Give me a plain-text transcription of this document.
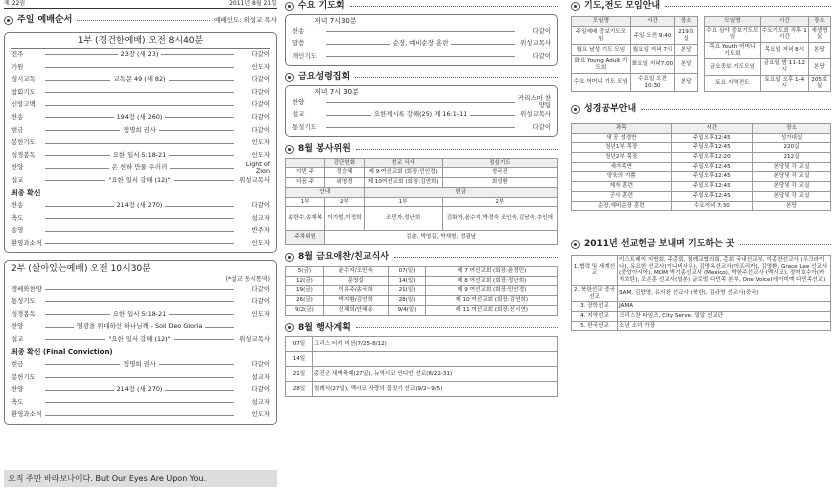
제 22권	2011년 8월 21일
주일 예배순서	예배인도: 위성교 목사
1부 (경건한예배) 오전 8시40분
전주	23장 (새 23)	다같이
기원	인도자
성시교독	교독문 49 (새 82)	다같이
참회기도	다같이
신앙고백	다같이
찬송	194장 (새 260)	다같이
현금	정명희 권사	다같이
봉헌기도	인도자
성경봉독	요한 일서 5:18-21	인도자
찬양	온 천하 만물 우러러	Light of Zion
설교	"요한 일서 강해 (12)"	위성교목사
최종 확신
찬송	214장 (새 270)	다같이
축도	설교자
송영	반주자
환영과소식	인도자
2부 (살아있는예배) 오전 10시30분
(*설교 동시통역)
경배와찬양	다같이
통성기도	다같이
성경봉독	요한 일서 5:18-21	인도자
찬양	영광을 위대하신 하나님께 - Soli Deo Gloria
설교	"요한 일서 강해 (12)"	위성교목사
최종 확신 (Final Conviction)
현금	정명희 권사	다같이
봉헌기도	설교자
찬양	214장 (새 270)	다같이
축도	설교자
환영과소식	인도자
오직 주만 바라보나이다. But Our Eyes Are Upon You.
수요 기도회
저녁 7시30분
찬송	다같이
말씀	순장, 예비순장 훈련	위성교목사
개인기도	다같이
금요성령집회
저녁 7시 30분
찬양	카리스마 찬양팀
설교	요한계시록 강해(25) 계 16:1-11	위성교목사
통성기도	다같이
8월 봉사위원
	강단헌화	친교 식사	점심기도
이번 주	정승혜	제 9 여선교회 (회장:민인경)	정국진
다음 주	위영경	제 10여선교회 (회장:김연희)	최성환
안내		헌금	
1부	2부	1부	2부
송한수,송재복	이기범,이정희	조민자,정난희	김화자,윤수지,박경숙 조인숙,김남숙,추인애
주차위원	김춘, 박영길, 박재형, 정광남		
8월 금요애찬/친교식사
5(금)	윤수지/조민숙	07(일)	제 7 여선교회 (회장:윤정민)
12(금)	문영실	14(일)	제 8 여선교회 (회장:정난희)
19(금)	이유주/송국희	21(일)	제 9 여선교회 (회장:민인경)
26(금)	박지환/김연희	28(일)	제 10 여선교회 (회장:김연희)
9/2(금)	신혜희/안혜송	9/4(일)	제 11 여선교회 (회장:신시연)
8월 행사계획
07일	그리스 터키 미션(7/25-8/12)
14일	
21일	총진군 새벽축제(27일), 뉴역시코 인디언 선교(8/22-31)
28일	침례식(27일), 멕시코 사랑의 집짓기 선교(9/2~9/5)
기도,전도 모임안내
모임명	시간	장소
주일예배 중보기도모임	주일 오전 9:40	219호실
월요 남성 기도 모임	월요일 저녁 7시	본당
화요 Young Adult 기도회	화요일 저녁7:00	본당
수요 어머니 기도 모임	수요일 오전 10:30	본당
모임명	시간	장소
수요 심야 중보기도모임	수요기도회 직후 1시간	새생명실
목요 Youth 어머니 기도회	목요일 저녁 8시	본당
금요중보 기도모임	금요일 밤 11-12시	본당
토요 지역전도	토요일 오후 1-4시	205호실
성경공부안내
과목	시간	장소
새 공 성경반	주일오후12:45	성가대실
청년1부 목장	주일오후12:45	220실
청년2부 목장	주일오후12:20	212실
새가족반	주일오후12:45	본당및 각 교실
양육의 기쁨	주일오후12:45	본당및 각 교실
제자 훈련	주일오후12:45	본당및 각 교실
군사 훈련	주일오후12:45	본당및 각 교실
순장,예비순장 훈련	수요저녁 7:30	본당
2011년 선교헌금 보내며 기도하는 곳
1.협력 및 세계선교	이스트베이 지방회, 주총회, 침례교협의회, 총회 국내선교부, 이종찬선교사 (우크라이나), 유요한 선교사(기니비사우), 김명옥선교사(아프리카), 김영환, Grace Lee 선교사(중앙아시아), MOM 박기홍선교사 (Mexico), 박한주선교사 (멕시코), 정여호수아(카자흐탄), 조은훈 선교사(일본) 글로벌 다민족 본부, One Voice(에이미맥 다민족선교)
2. 북한선교 중국선교	SAM, 김향영, 유의찬 선교사 (북한), 김규명 선교사(중국)
3. 장학선교	JAMA
4. 지역선교	크리스찬 타임즈, City Serve, 밀알 선교단
5. 한국선교	소년 소녀 가장
